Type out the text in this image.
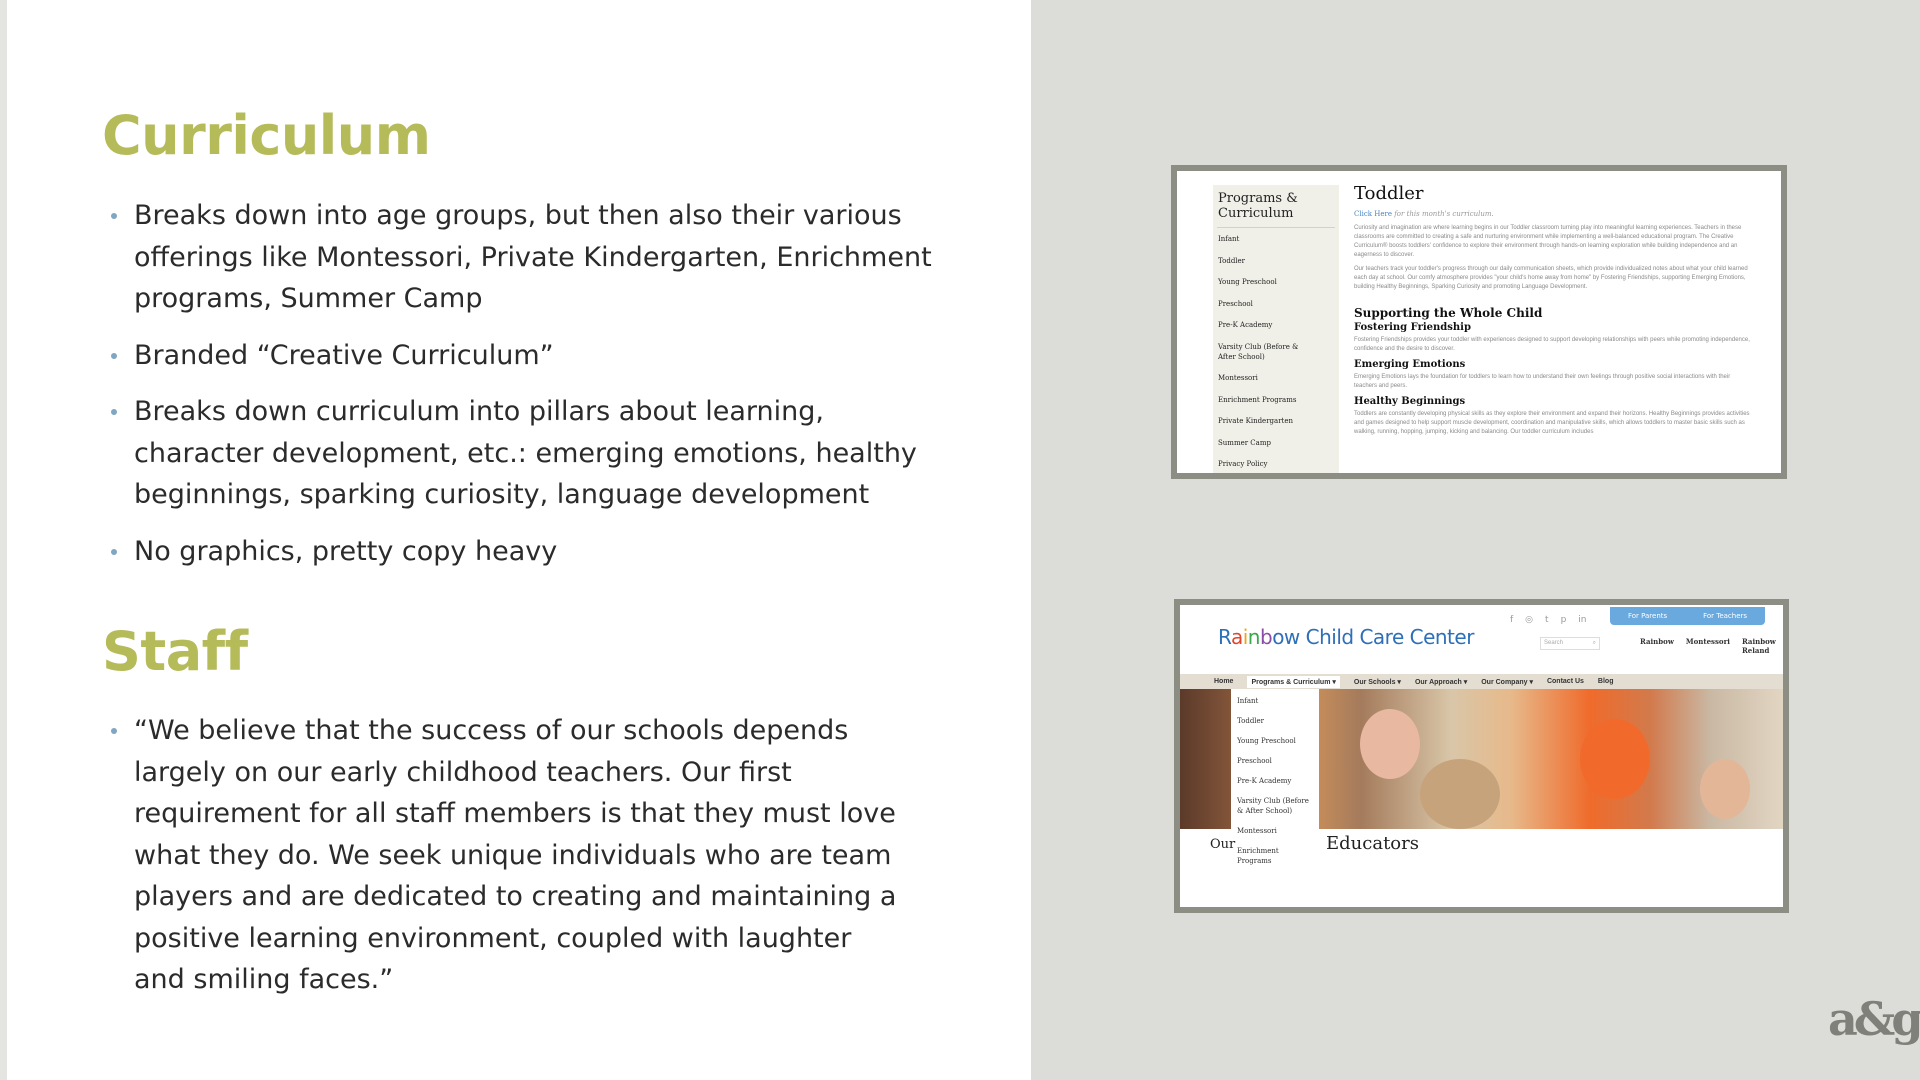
Curriculum
Breaks down into age groups, but then also their various offerings like Montessori, Private Kindergarten, Enrichment programs, Summer Camp
Branded “Creative Curriculum”
Breaks down curriculum into pillars about learning, character development, etc.: emerging emotions, healthy beginnings, sparking curiosity, language development
No graphics, pretty copy heavy
Staff
“We believe that the success of our schools depends largely on our early childhood teachers. Our first requirement for all staff members is that they must love what they do. We seek unique individuals who are team players and are dedicated to creating and maintaining a positive learning environment, coupled with laughter and smiling faces.”
Programs & Curriculum
Infant
Toddler
Young Preschool
Preschool
Pre-K Academy
Varsity Club (Before & After School)
Montessori
Enrichment Programs
Private Kindergarten
Summer Camp
Privacy Policy
Toddler
Click Here for this month's curriculum.
Curiosity and imagination are where learning begins in our Toddler classroom turning play into meaningful learning experiences. Teachers in these classrooms are committed to creating a safe and nurturing environment while implementing a well-balanced educational program. The Creative Curriculum® boosts toddlers' confidence to explore their environment through hands-on learning exploration while building independence and an eagerness to discover.
Our teachers track your toddler's progress through our daily communication sheets, which provide individualized notes about what your child learned each day at school. Our comfy atmosphere provides "your child's home away from home" by Fostering Friendships, supporting Emerging Emotions, building Healthy Beginnings, Sparking Curiosity and promoting Language Development.
Supporting the Whole Child
Fostering Friendship
Fostering Friendships provides your toddler with experiences designed to support developing relationships with peers while promoting independence, confidence and the desire to discover.
Emerging Emotions
Emerging Emotions lays the foundation for toddlers to learn how to understand their own feelings through positive social interactions with their teachers and peers.
Healthy Beginnings
Toddlers are constantly developing physical skills as they explore their environment and expand their horizons. Healthy Beginnings provides activities and games designed to help support muscle development, coordination and manipulative skills, which allows toddlers to master basic skills such as walking, running, hopping, jumping, kicking and balancing. Our toddler curriculum includes
Rainbow Child Care Center
f ◎ t p in	For Parents	For Teachers
Search	⌕	Rainbow Montessori Rainbow Reland
Home	Programs & Curriculum ▾	Our Schools ▾ Our Approach ▾ Our Company ▾ Contact Us Blog
Infant
Toddler
Young Preschool
Preschool
Pre-K Academy
Varsity Club (Before & After School)
Montessori
Enrichment Programs
Our	Educators
a&g
